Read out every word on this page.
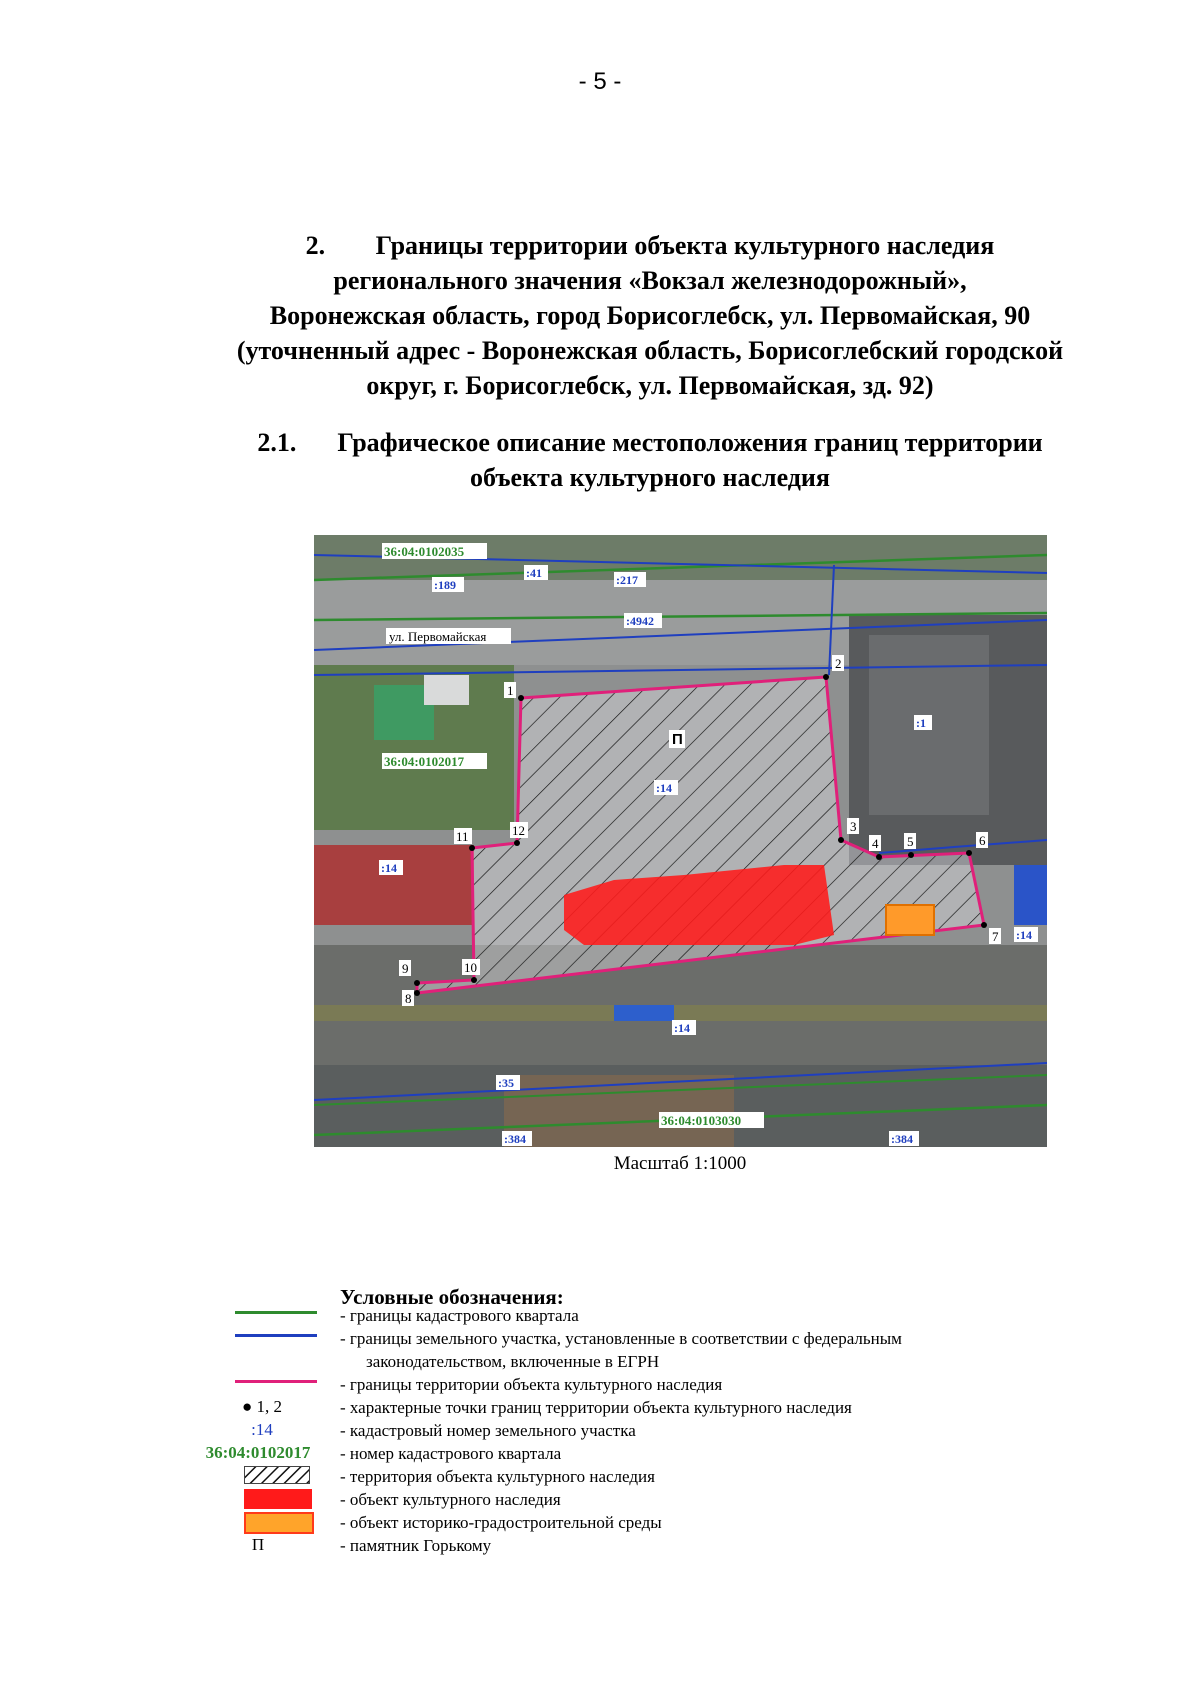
- 5 -
2. Границы территории объекта культурного наследия
регионального значения «Вокзал железнодорожный»,
Воронежская область, город Борисоглебск, ул. Первомайская, 90
(уточненный адрес - Воронежская область, Борисоглебский городской
округ, г. Борисоглебск, ул. Первомайская, зд. 92)
2.1. Графическое описание местоположения границ территории
объекта культурного наследия
1
2
3
4 5	6
7
8
9	10
11	12
П
ул. Первомайская
36:04:0102035
36:04:0102017
36:04:0103030
:189
:41	:217
:4942
:1
:14
:14
:14
:14
:35
:384	:384
Масштаб 1:1000
Условные обозначения:
- границы кадастрового квартала
- границы земельного участка, установленные в соответствии с федеральным
законодательством, включенные в ЕГРН
- границы территории объекта культурного наследия
● 1, 2	- характерные точки границ территории объекта культурного наследия
:14	- кадастровый номер земельного участка
36:04:0102017	- номер кадастрового квартала
- территория объекта культурного наследия
- объект культурного наследия
- объект историко-градостроительной среды
П	- памятник Горькому
